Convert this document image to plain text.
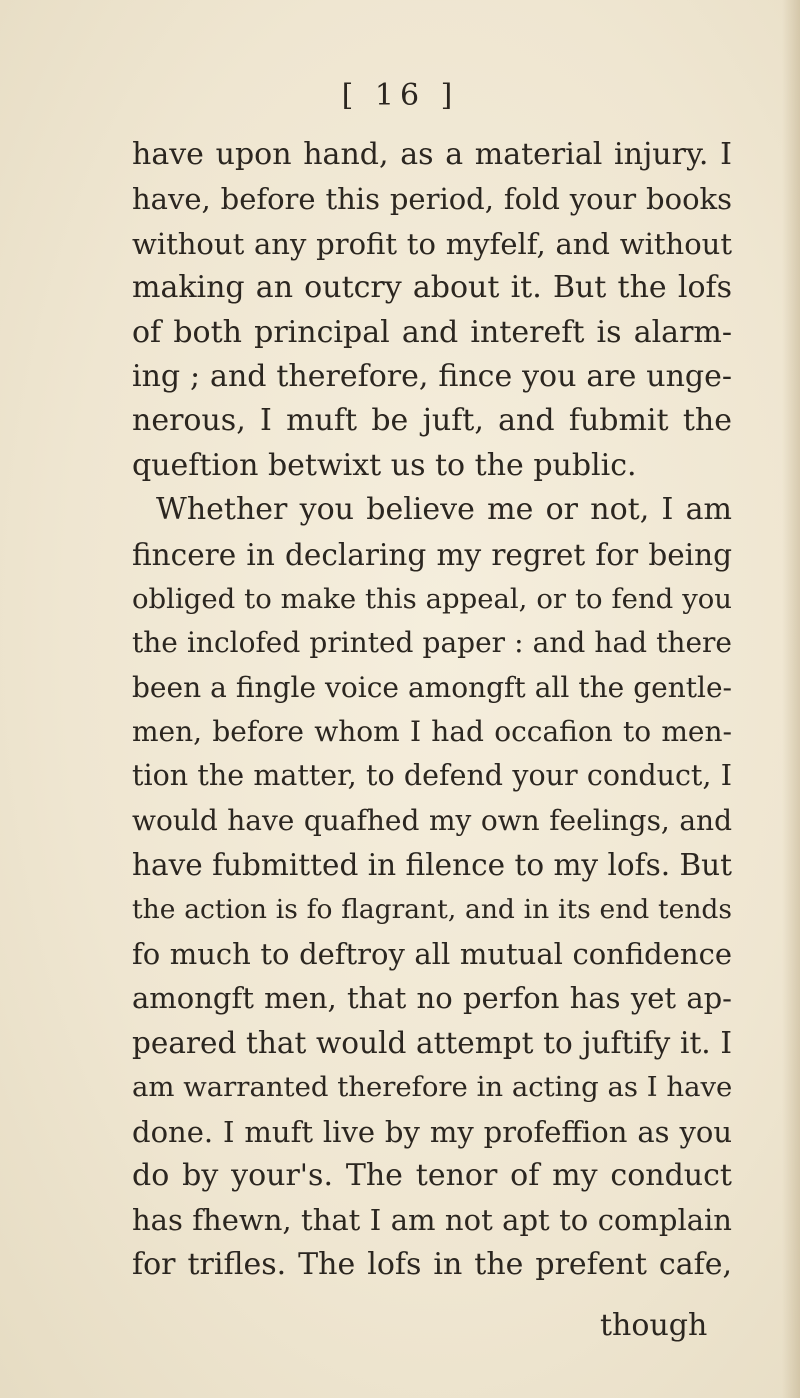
[ 16 ]
have upon hand, as a material injury. I
have, before this period, fold your books
without any profit to myfelf, and without
making an outcry about it. But the lofs
of both principal and intereft is alarm-
ing ; and therefore, fince you are unge-
nerous, I muft be juft, and fubmit the
queftion betwixt us to the public.
Whether you believe me or not, I am
fincere in declaring my regret for being
obliged to make this appeal, or to fend you
the inclofed printed paper : and had there
been a fingle voice amongft all the gentle-
men, before whom I had occafion to men-
tion the matter, to defend your conduct, I
would have quafhed my own feelings, and
have fubmitted in filence to my lofs. But
the action is fo flagrant, and in its end tends
fo much to deftroy all mutual confidence
amongft men, that no perfon has yet ap-
peared that would attempt to juftify it. I
am warranted therefore in acting as I have
done. I muft live by my profeffion as you
do by your's. The tenor of my conduct
has fhewn, that I am not apt to complain
for trifles. The lofs in the prefent cafe,
though
